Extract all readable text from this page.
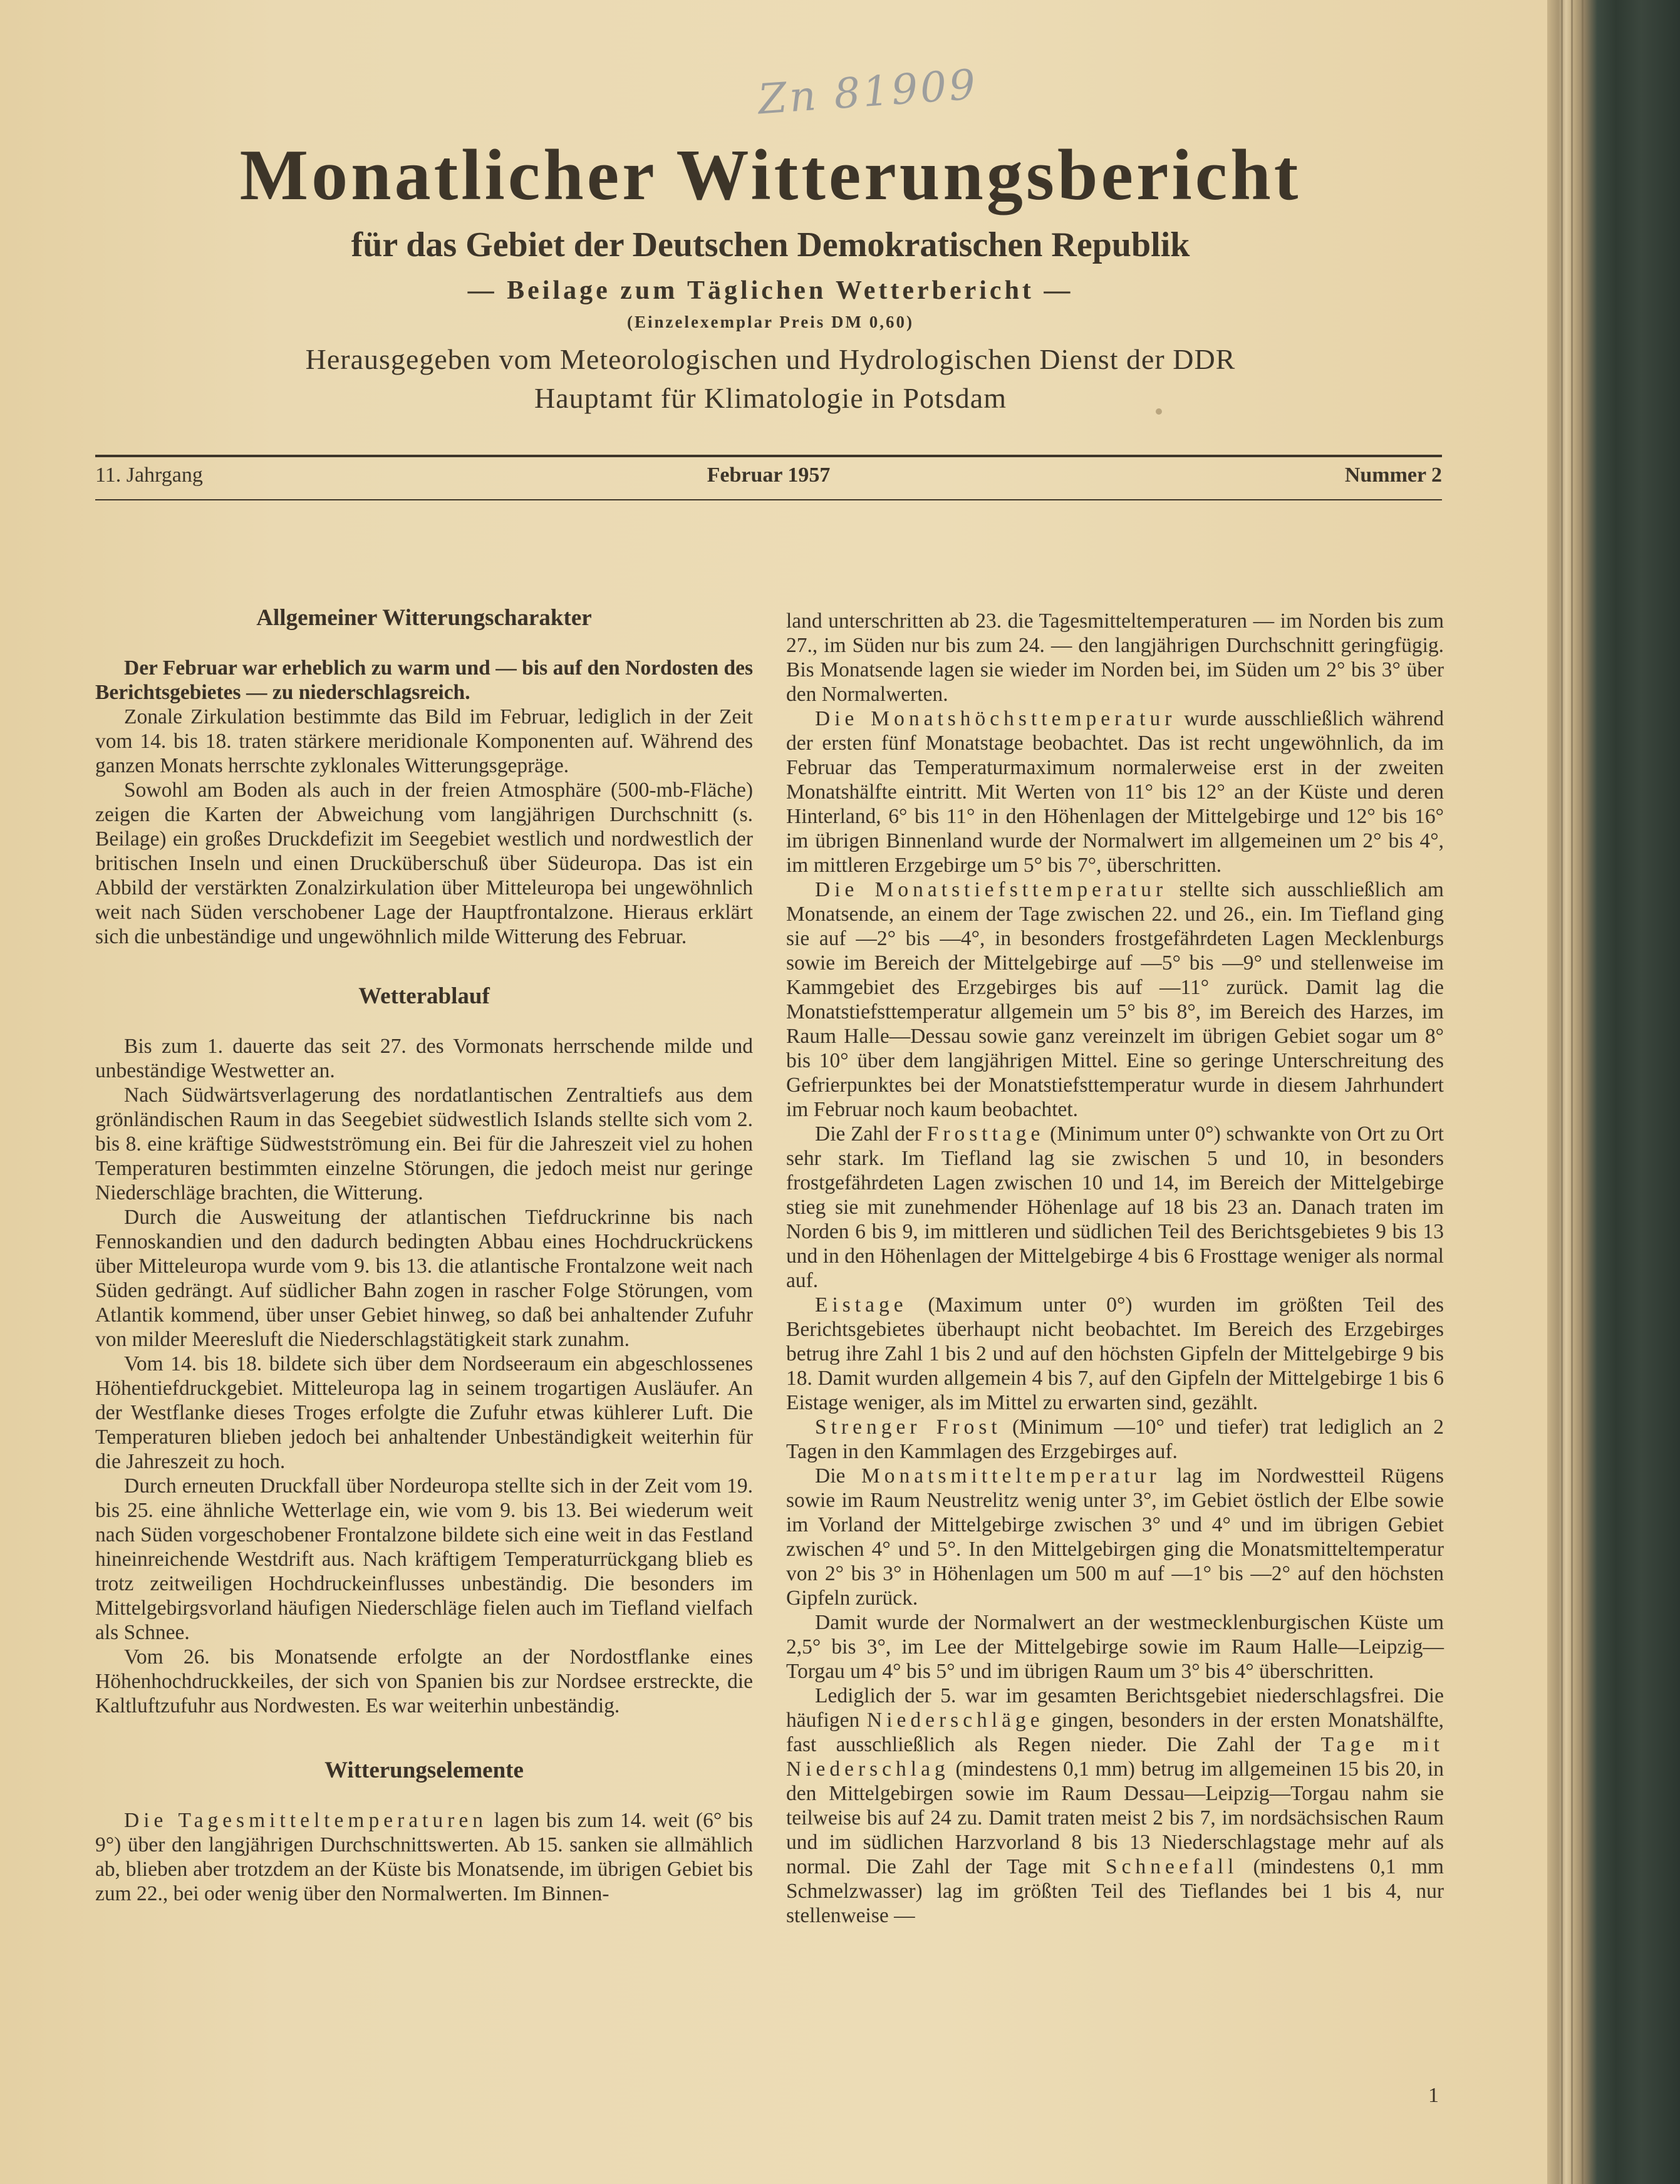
Zn 81909
Monatlicher Witterungsbericht
für das Gebiet der Deutschen Demokratischen Republik
— Beilage zum Täglichen Wetterbericht —
(Einzelexemplar Preis DM 0,60)
Herausgegeben vom Meteorologischen und Hydrologischen Dienst der DDR
Hauptamt für Klimatologie in Potsdam
Februar 1957
11. Jahrgang	Nummer 2
Allgemeiner Witterungscharakter

Der Februar war erheblich zu warm und — bis auf den Nordosten des Berichtsgebietes — zu niederschlagsreich.

Zonale Zirkulation bestimmte das Bild im Februar, lediglich in der Zeit vom 14. bis 18. traten stärkere meridionale Komponenten auf. Während des ganzen Monats herrschte zyklonales Witterungsgepräge.

Sowohl am Boden als auch in der freien Atmosphäre (500-mb-Fläche) zeigen die Karten der Abweichung vom langjährigen Durchschnitt (s. Beilage) ein großes Druckdefizit im Seegebiet westlich und nordwestlich der britischen Inseln und einen Drucküberschuß über Südeuropa. Das ist ein Abbild der verstärkten Zonalzirkulation über Mitteleuropa bei ungewöhnlich weit nach Süden verschobener Lage der Hauptfrontalzone. Hieraus erklärt sich die unbeständige und ungewöhnlich milde Witterung des Februar.

Wetterablauf

Bis zum 1. dauerte das seit 27. des Vormonats herrschende milde und unbeständige Westwetter an.

Nach Südwärtsverlagerung des nordatlantischen Zentraltiefs aus dem grönländischen Raum in das Seegebiet südwestlich Islands stellte sich vom 2. bis 8. eine kräftige Südwestströmung ein. Bei für die Jahreszeit viel zu hohen Temperaturen bestimmten einzelne Störungen, die jedoch meist nur geringe Niederschläge brachten, die Witterung.

Durch die Ausweitung der atlantischen Tiefdruckrinne bis nach Fennoskandien und den dadurch bedingten Abbau eines Hochdruckrückens über Mitteleuropa wurde vom 9. bis 13. die atlantische Frontalzone weit nach Süden gedrängt. Auf südlicher Bahn zogen in rascher Folge Störungen, vom Atlantik kommend, über unser Gebiet hinweg, so daß bei anhaltender Zufuhr von milder Meeresluft die Niederschlagstätigkeit stark zunahm.

Vom 14. bis 18. bildete sich über dem Nordseeraum ein abgeschlossenes Höhentiefdruckgebiet. Mitteleuropa lag in seinem trogartigen Ausläufer. An der Westflanke dieses Troges erfolgte die Zufuhr etwas kühlerer Luft. Die Temperaturen blieben jedoch bei anhaltender Unbeständigkeit weiterhin für die Jahreszeit zu hoch.

Durch erneuten Druckfall über Nordeuropa stellte sich in der Zeit vom 19. bis 25. eine ähnliche Wetterlage ein, wie vom 9. bis 13. Bei wiederum weit nach Süden vorgeschobener Frontalzone bildete sich eine weit in das Festland hineinreichende Westdrift aus. Nach kräftigem Temperaturrückgang blieb es trotz zeitweiligen Hochdruckeinflusses unbeständig. Die besonders im Mittelgebirgsvorland häufigen Niederschläge fielen auch im Tiefland vielfach als Schnee.

Vom 26. bis Monatsende erfolgte an der Nordostflanke eines Höhenhochdruckkeiles, der sich von Spanien bis zur Nordsee erstreckte, die Kaltluftzufuhr aus Nordwesten. Es war weiterhin unbeständig.

Witterungselemente

Die Tagesmitteltemperaturen lagen bis zum 14. weit (6° bis 9°) über den langjährigen Durchschnittswerten. Ab 15. sanken sie allmählich ab, blieben aber trotzdem an der Küste bis Monatsende, im übrigen Gebiet bis zum 22., bei oder wenig über den Normalwerten. Im Binnen-

land unterschritten ab 23. die Tagesmitteltemperaturen — im Norden bis zum 27., im Süden nur bis zum 24. — den langjährigen Durchschnitt geringfügig. Bis Monatsende lagen sie wieder im Norden bei, im Süden um 2° bis 3° über den Normalwerten.

Die Monatshöchsttemperatur wurde ausschließlich während der ersten fünf Monatstage beobachtet. Das ist recht ungewöhnlich, da im Februar das Temperaturmaximum normalerweise erst in der zweiten Monatshälfte eintritt. Mit Werten von 11° bis 12° an der Küste und deren Hinterland, 6° bis 11° in den Höhenlagen der Mittelgebirge und 12° bis 16° im übrigen Binnenland wurde der Normalwert im allgemeinen um 2° bis 4°, im mittleren Erzgebirge um 5° bis 7°, überschritten.

Die Monatstiefsttemperatur stellte sich ausschließlich am Monatsende, an einem der Tage zwischen 22. und 26., ein. Im Tiefland ging sie auf —2° bis —4°, in besonders frostgefährdeten Lagen Mecklenburgs sowie im Bereich der Mittelgebirge auf —5° bis —9° und stellenweise im Kammgebiet des Erzgebirges bis auf —11° zurück. Damit lag die Monatstiefsttemperatur allgemein um 5° bis 8°, im Bereich des Harzes, im Raum Halle—Dessau sowie ganz vereinzelt im übrigen Gebiet sogar um 8° bis 10° über dem langjährigen Mittel. Eine so geringe Unterschreitung des Gefrierpunktes bei der Monatstiefsttemperatur wurde in diesem Jahrhundert im Februar noch kaum beobachtet.

Die Zahl der Frosttage (Minimum unter 0°) schwankte von Ort zu Ort sehr stark. Im Tiefland lag sie zwischen 5 und 10, in besonders frostgefährdeten Lagen zwischen 10 und 14, im Bereich der Mittelgebirge stieg sie mit zunehmender Höhenlage auf 18 bis 23 an. Danach traten im Norden 6 bis 9, im mittleren und südlichen Teil des Berichtsgebietes 9 bis 13 und in den Höhenlagen der Mittelgebirge 4 bis 6 Frosttage weniger als normal auf.

Eistage (Maximum unter 0°) wurden im größten Teil des Berichtsgebietes überhaupt nicht beobachtet. Im Bereich des Erzgebirges betrug ihre Zahl 1 bis 2 und auf den höchsten Gipfeln der Mittelgebirge 9 bis 18. Damit wurden allgemein 4 bis 7, auf den Gipfeln der Mittelgebirge 1 bis 6 Eistage weniger, als im Mittel zu erwarten sind, gezählt.

Strenger Frost (Minimum —10° und tiefer) trat lediglich an 2 Tagen in den Kammlagen des Erzgebirges auf.

Die Monatsmitteltemperatur lag im Nordwestteil Rügens sowie im Raum Neustrelitz wenig unter 3°, im Gebiet östlich der Elbe sowie im Vorland der Mittelgebirge zwischen 3° und 4° und im übrigen Gebiet zwischen 4° und 5°. In den Mittelgebirgen ging die Monatsmitteltemperatur von 2° bis 3° in Höhenlagen um 500 m auf —1° bis —2° auf den höchsten Gipfeln zurück.

Damit wurde der Normalwert an der westmecklenburgischen Küste um 2,5° bis 3°, im Lee der Mittelgebirge sowie im Raum Halle—Leipzig—Torgau um 4° bis 5° und im übrigen Raum um 3° bis 4° überschritten.

Lediglich der 5. war im gesamten Berichtsgebiet niederschlagsfrei. Die häufigen Niederschläge gingen, besonders in der ersten Monatshälfte, fast ausschließlich als Regen nieder. Die Zahl der Tage mit Niederschlag (mindestens 0,1 mm) betrug im allgemeinen 15 bis 20, in den Mittelgebirgen sowie im Raum Dessau—Leipzig—Torgau nahm sie teilweise bis auf 24 zu. Damit traten meist 2 bis 7, im nordsächsischen Raum und im südlichen Harzvorland 8 bis 13 Niederschlagstage mehr auf als normal. Die Zahl der Tage mit Schneefall (mindestens 0,1 mm Schmelzwasser) lag im größten Teil des Tieflandes bei 1 bis 4, nur stellenweise —

1
